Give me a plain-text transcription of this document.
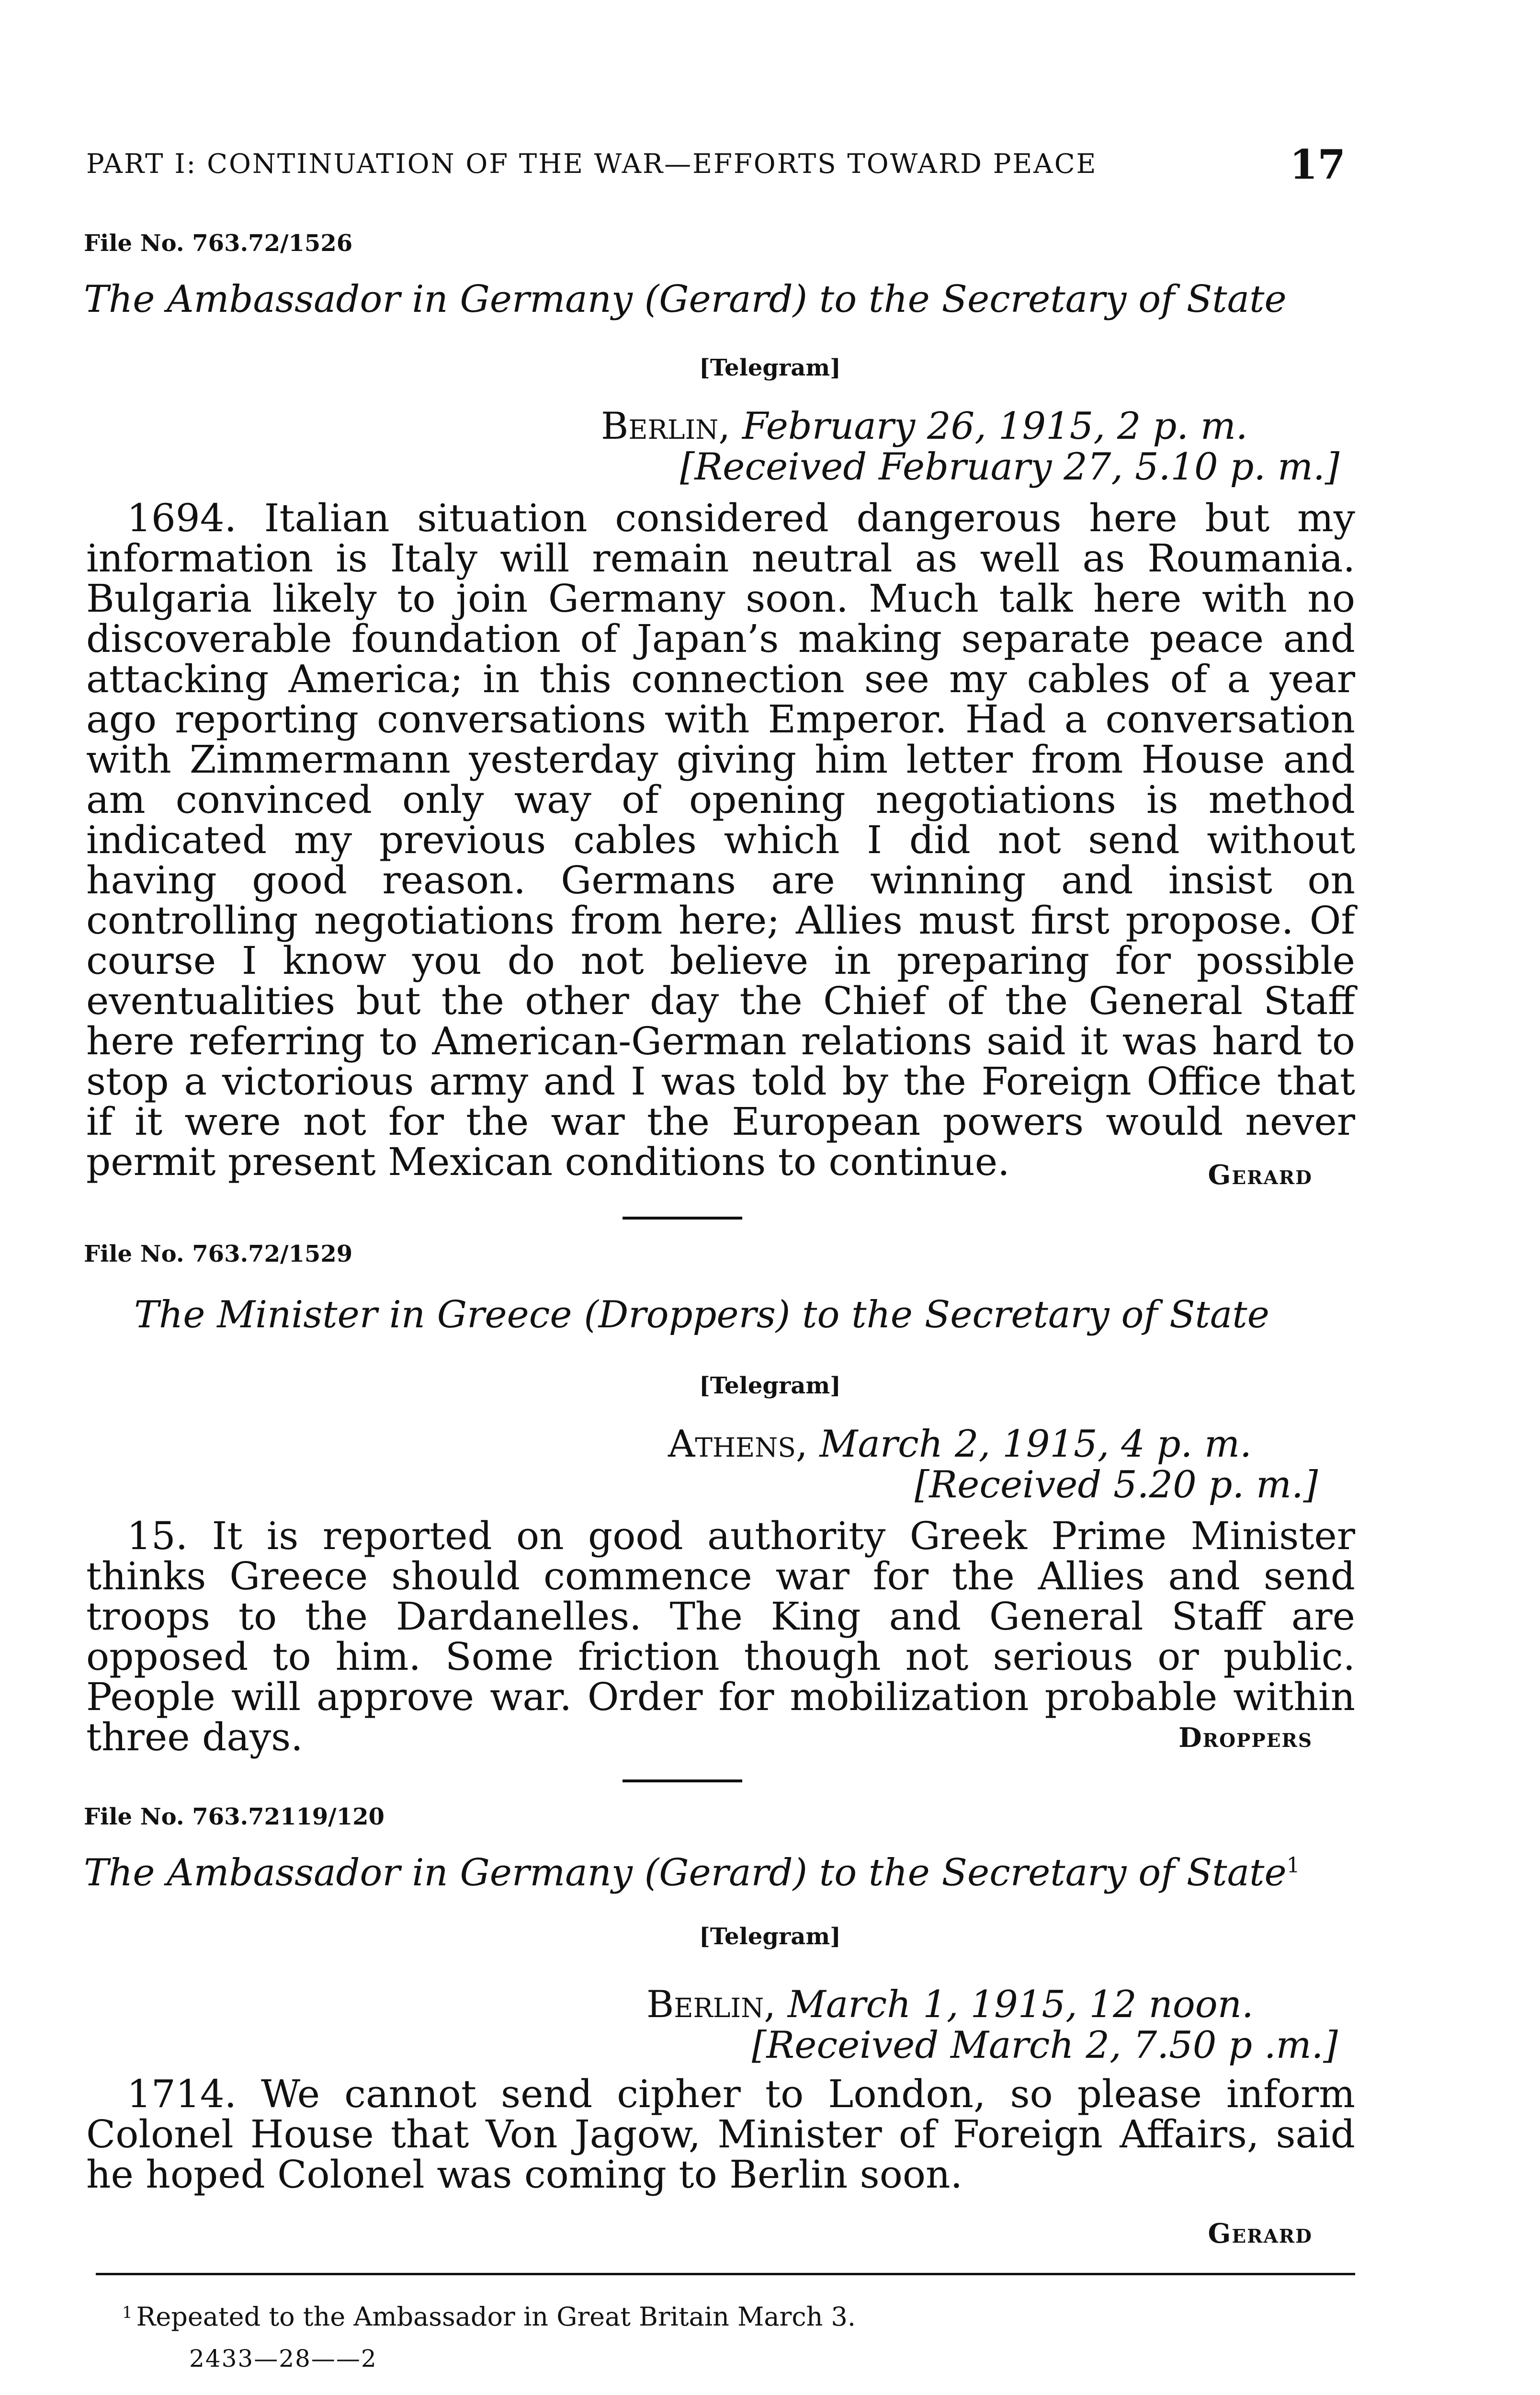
PART I: CONTINUATION OF THE WAR—EFFORTS TOWARD PEACE	17
File No. 763.72/1526
The Ambassador in Germany (Gerard) to the Secretary of State
[Telegram]
Berlin, February 26, 1915, 2 p. m.
[Received February 27, 5.10 p. m.]
1694. Italian situation considered dangerous here but my information is Italy will remain neutral as well as Roumania. Bulgaria likely to join Germany soon. Much talk here with no discoverable foundation of Japan’s making separate peace and attacking America; in this connection see my cables of a year ago reporting conversations with Emperor. Had a conversation with Zimmermann yesterday giving him letter from House and am convinced only way of opening negotiations is method indicated my previous cables which I did not send without having good reason. Germans are winning and insist on controlling negotiations from here; Allies must first propose. Of course I know you do not believe in preparing for possible eventualities but the other day the Chief of the General Staff here referring to American-German relations said it was hard to stop a victorious army and I was told by the Foreign Office that if it were not for the war the European powers would never permit present Mexican conditions to continue.	Gerard
File No. 763.72/1529
The Minister in Greece (Droppers) to the Secretary of State
[Telegram]
Athens, March 2, 1915, 4 p. m.
[Received 5.20 p. m.]
15. It is reported on good authority Greek Prime Minister thinks Greece should commence war for the Allies and send troops to the Dardanelles. The King and General Staff are opposed to him. Some friction though not serious or public. People will approve war. Order for mobilization probable within three days.	Droppers
File No. 763.72119/120
The Ambassador in Germany (Gerard) to the Secretary of State$^1$
[Telegram]
Berlin, March 1, 1915, 12 noon.
[Received March 2, 7.50 p .m.]
1714. We cannot send cipher to London, so please inform Colonel House that Von Jagow, Minister of Foreign Affairs, said he hoped Colonel was coming to Berlin soon.
Gerard
$^1$ Repeated to the Ambassador in Great Britain March 3.
2433—28——2
